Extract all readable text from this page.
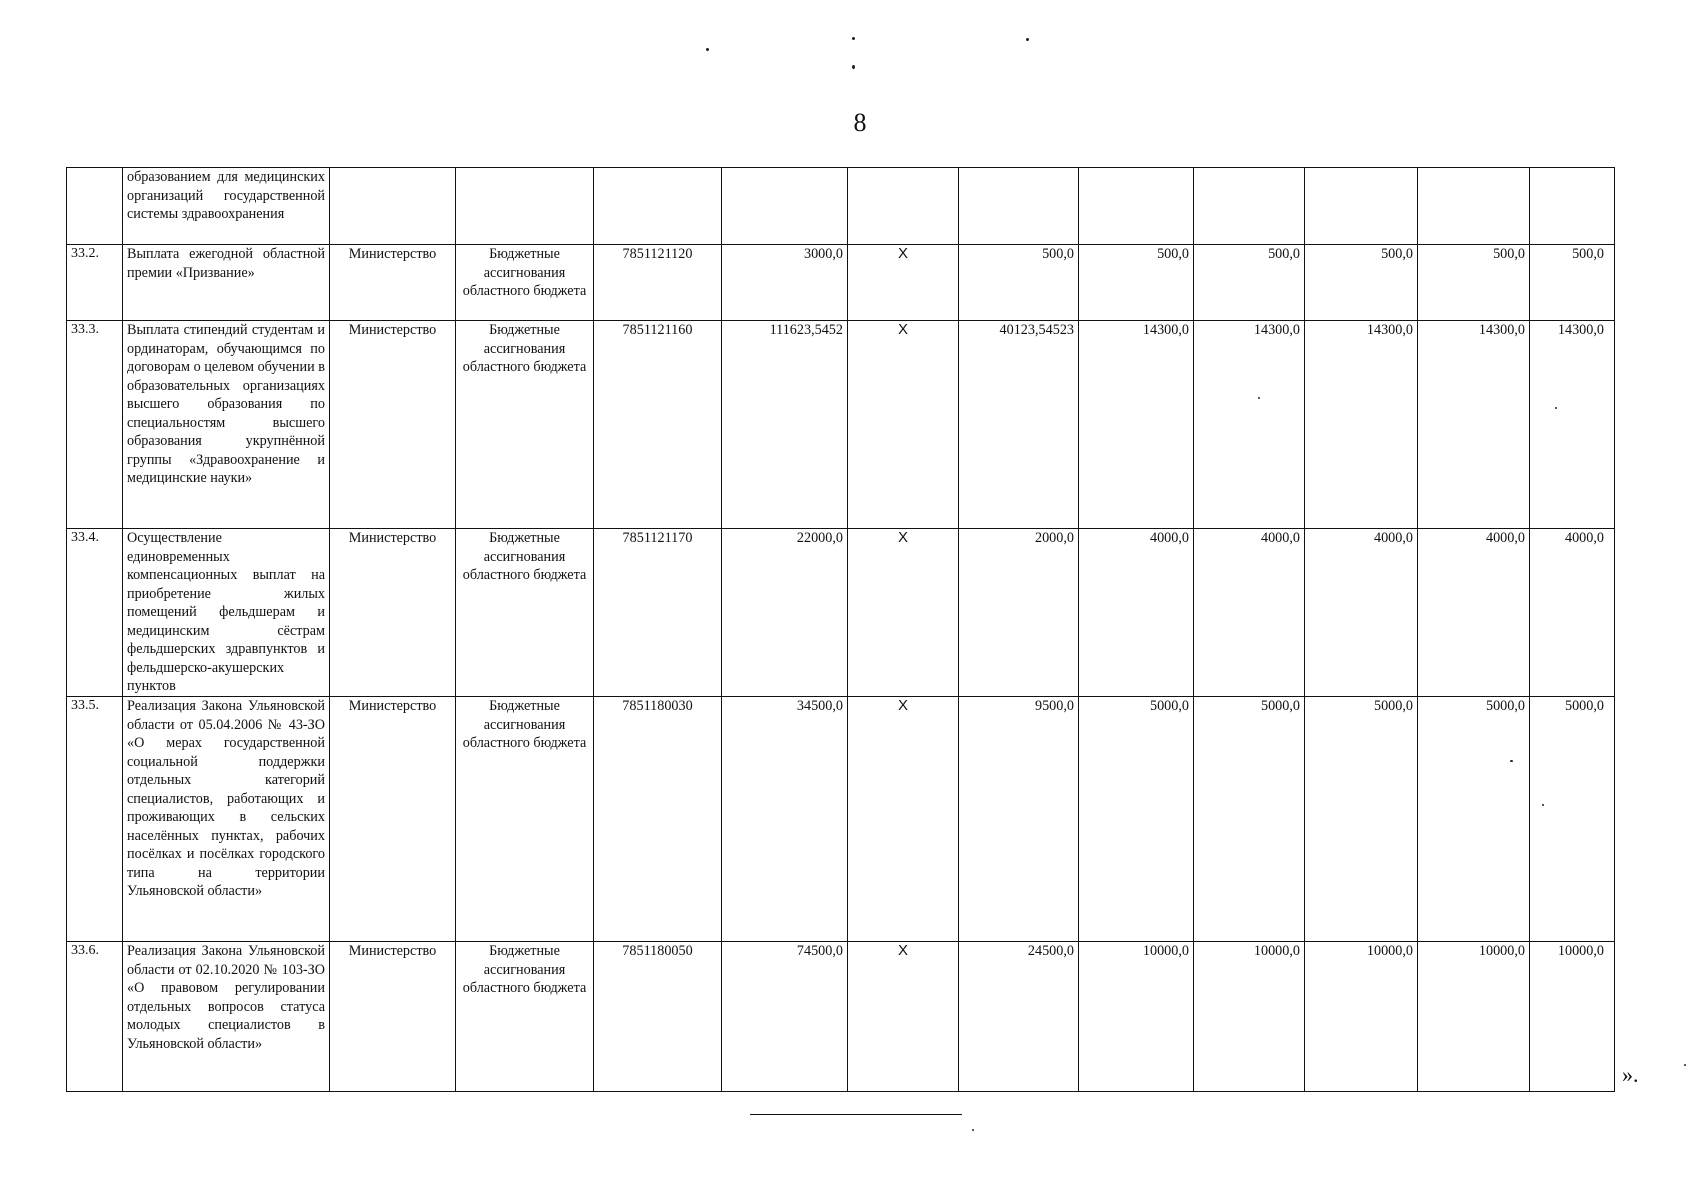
8
	образованием для медицинских организаций государственной системы здравоохранения											
33.2.	Выплата ежегодной областной премии «Призвание»	Министерство	Бюджетные ассигнования областного бюджета	7851121120	3000,0	X	500,0	500,0	500,0	500,0	500,0	500,0
33.3.	Выплата стипендий студентам и ординаторам, обучающимся по договорам о целевом обучении в образовательных организациях высшего образования по специальностям высшего образования укрупнённой группы «Здравоохранение и медицинские науки»	Министерство	Бюджетные ассигнования областного бюджета	7851121160	111623,5452	X	40123,54523	14300,0	14300,0	14300,0	14300,0	14300,0
33.4.	Осуществление единовременных компенсационных выплат на приобретение жилых помещений фельдшерам и медицинским сёстрам фельдшерских здравпунктов и фельдшерско-акушерских пунктов	Министерство	Бюджетные ассигнования областного бюджета	7851121170	22000,0	X	2000,0	4000,0	4000,0	4000,0	4000,0	4000,0
33.5.	Реализация Закона Ульяновской области от 05.04.2006 № 43-ЗО «О мерах государственной социальной поддержки отдельных категорий специалистов, работающих и проживающих в сельских населённых пунктах, рабочих посёлках и посёлках городского типа на территории Ульяновской области»	Министерство	Бюджетные ассигнования областного бюджета	7851180030	34500,0	X	9500,0	5000,0	5000,0	5000,0	5000,0	5000,0
33.6.	Реализация Закона Ульяновской области от 02.10.2020 № 103-ЗО «О правовом регулировании отдельных вопросов статуса молодых специалистов в Ульяновской области»	Министерство	Бюджетные ассигнования областного бюджета	7851180050	74500,0	X	24500,0	10000,0	10000,0	10000,0	10000,0	10000,0
».
